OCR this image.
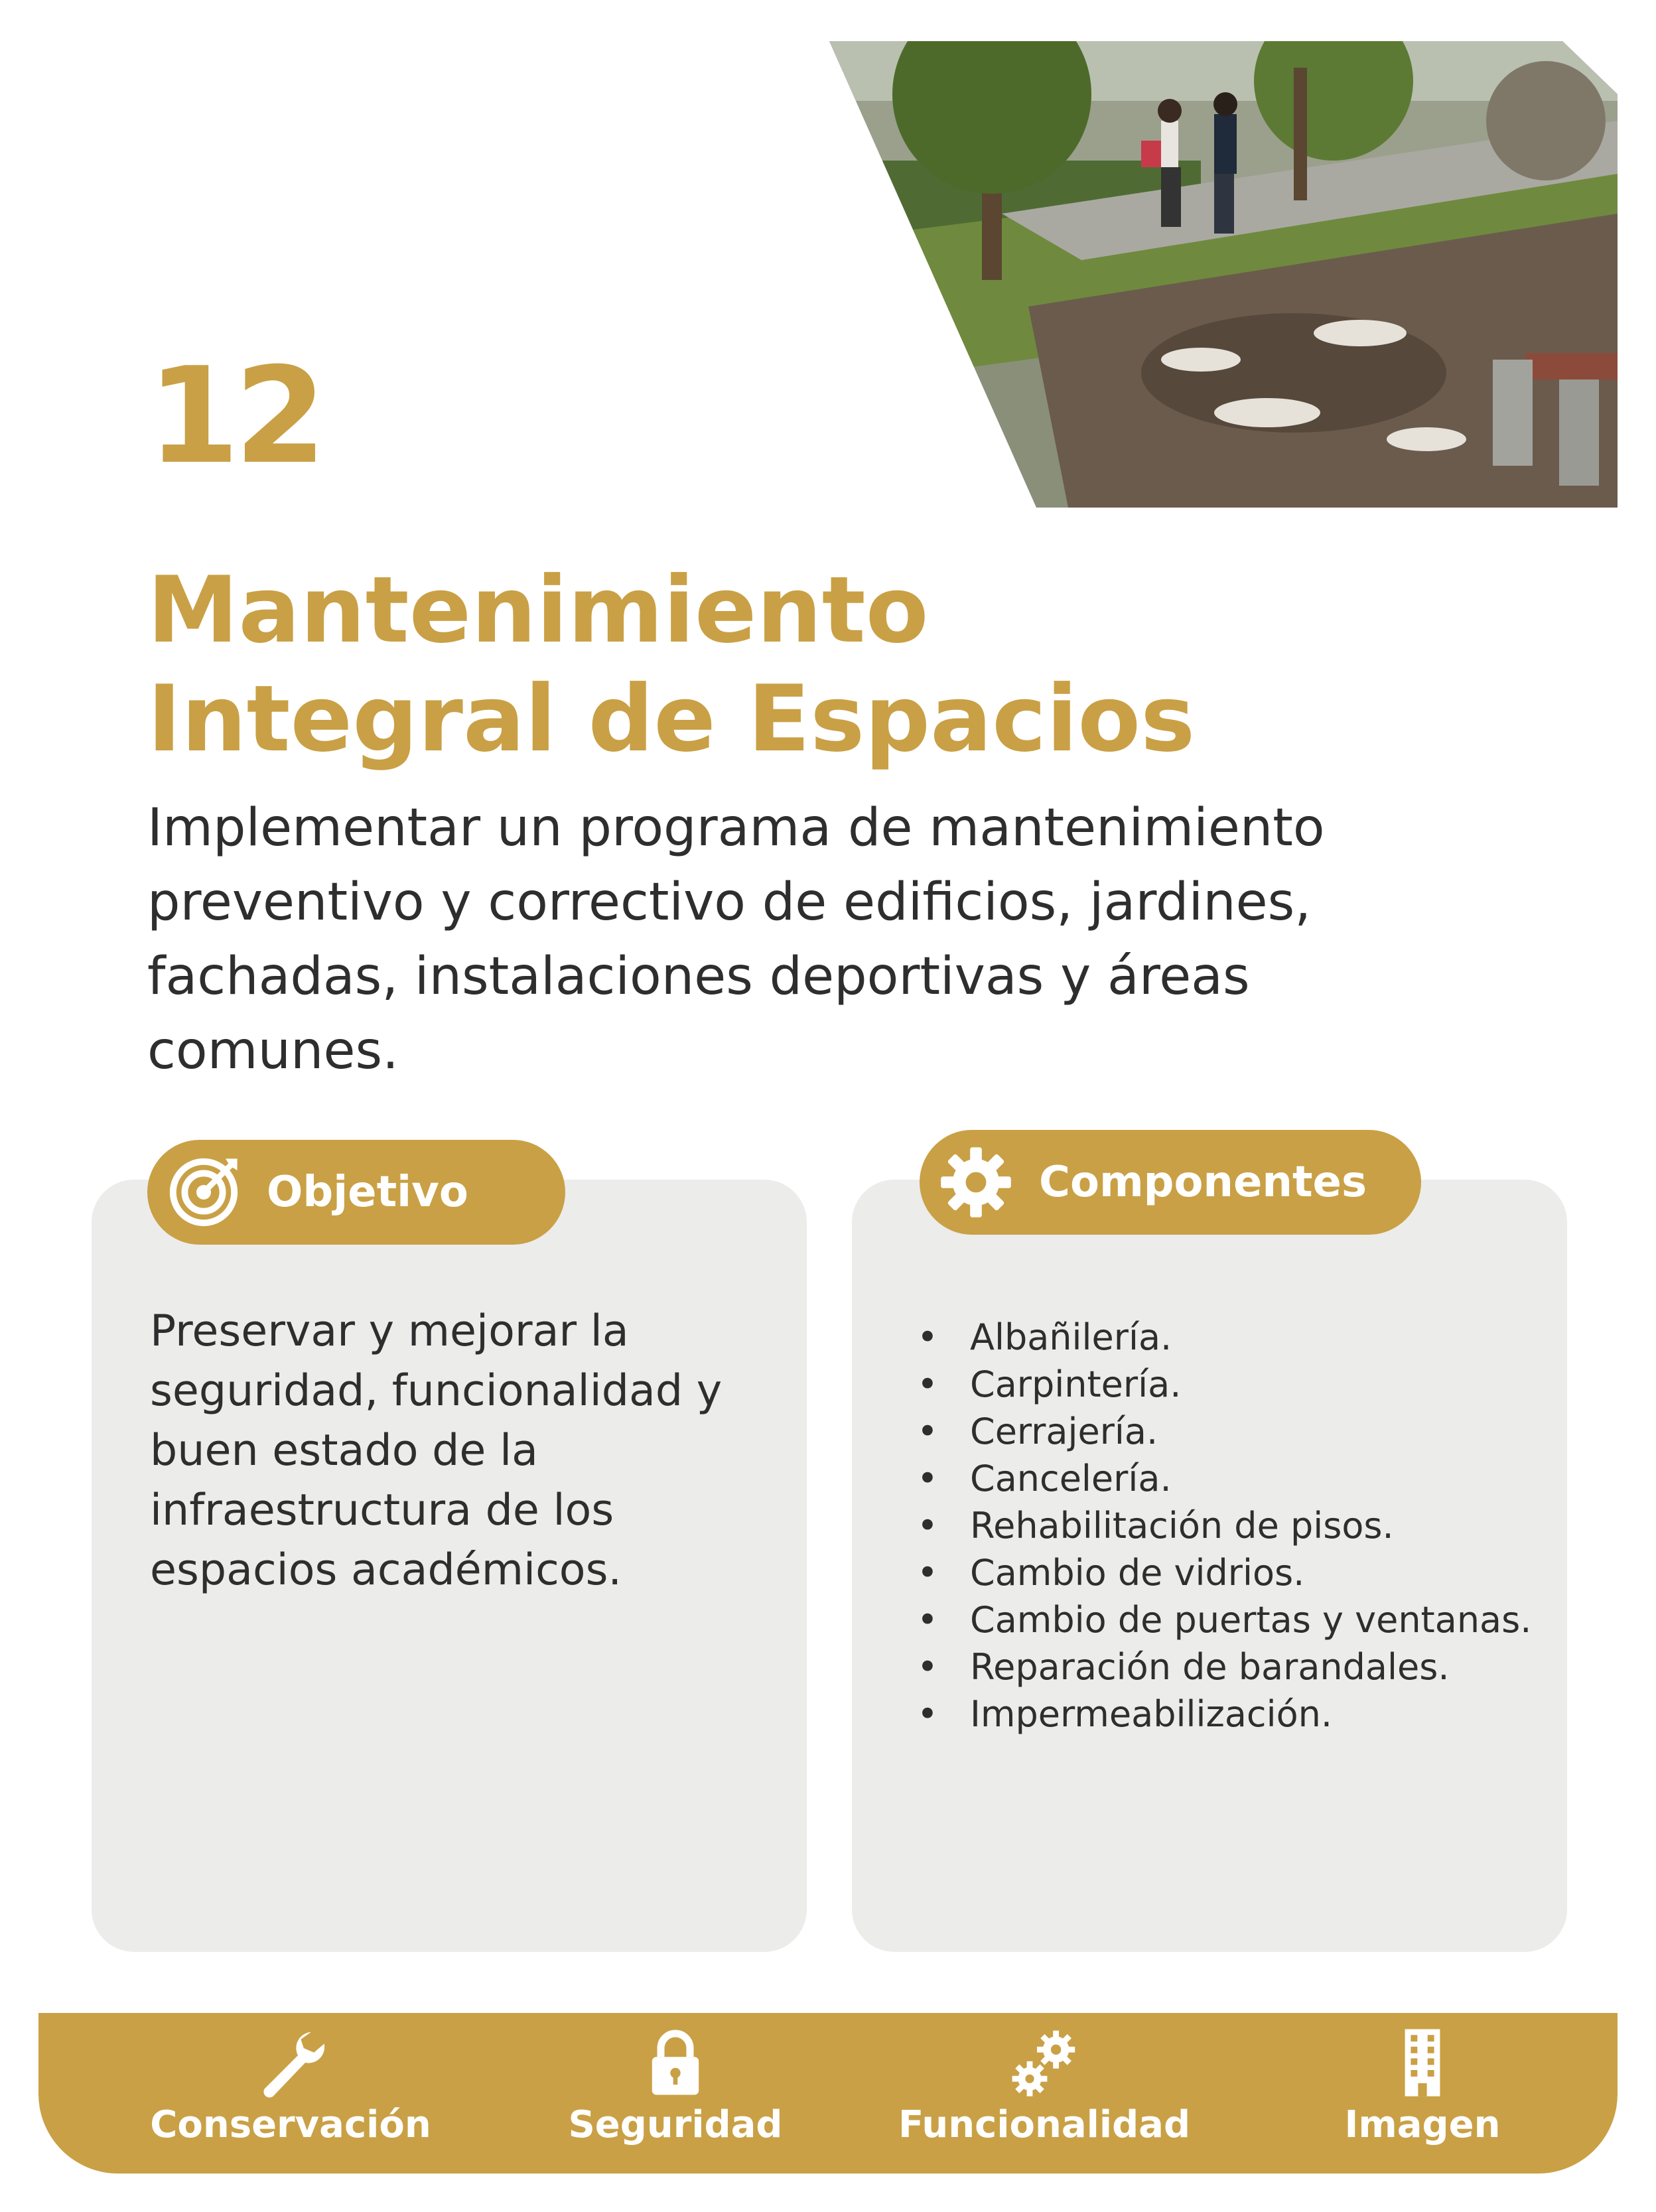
12
Mantenimiento
Integral de Espacios
Implementar un programa de mantenimiento preventivo y correctivo de edificios, jardines, fachadas, instalaciones deportivas y áreas comunes.
Objetivo
Preservar y mejorar la seguridad, funcionalidad y buen estado de la infraestructura de los espacios académicos.
Componentes
• Albañilería.
• Carpintería.
• Cerrajería.
• Cancelería.
• Rehabilitación de pisos.
• Cambio de vidrios.
• Cambio de puertas y ventanas.
• Reparación de barandales.
• Impermeabilización.
Conservación	Seguridad	Funcionalidad	Imagen
